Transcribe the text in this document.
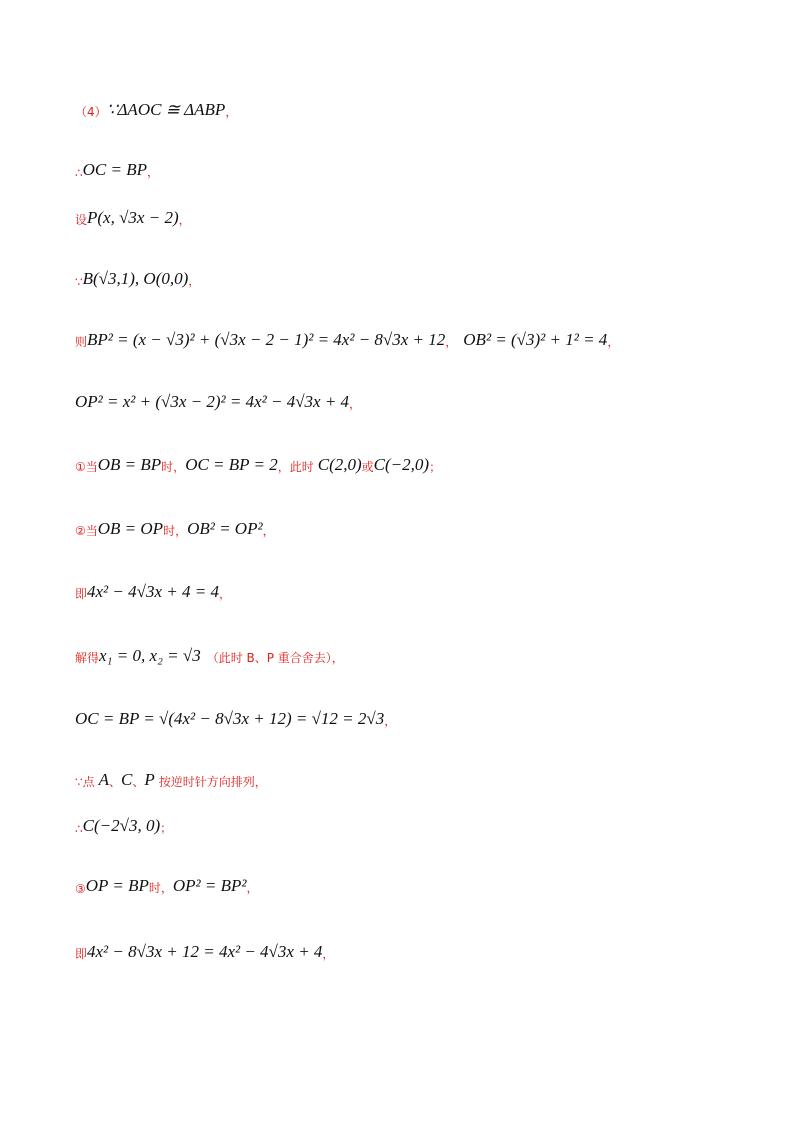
（4） ∵ΔAOC ≅ ΔABP ，
∴ OC = BP ，
设 P(x, √3x − 2) ，
∵ B(√3,1), O(0,0) ，
则 BP² = (x − √3)² + (√3x − 2 − 1)² = 4x² − 8√3x + 12 ， OB² = (√3)² + 1² = 4 ，
OP² = x² + (√3x − 2)² = 4x² − 4√3x + 4 ，
①当 OB = BP 时， OC = BP = 2 ，此时 C(2,0) 或 C(−2,0) ；
②当 OB = OP 时， OB² = OP² ，
即 4x² − 4√3x + 4 = 4 ，
解得 x₁ = 0, x₂ = √3 （此时 B、P 重合舍去），
OC = BP = √(4x² − 8√3x + 12) = √12 = 2√3 ，
∵点 A 、 C 、 P 按逆时针方向排列，
∴ C(−2√3, 0) ；
③ OP = BP 时， OP² = BP² ，
即 4x² − 8√3x + 12 = 4x² − 4√3x + 4 ，
